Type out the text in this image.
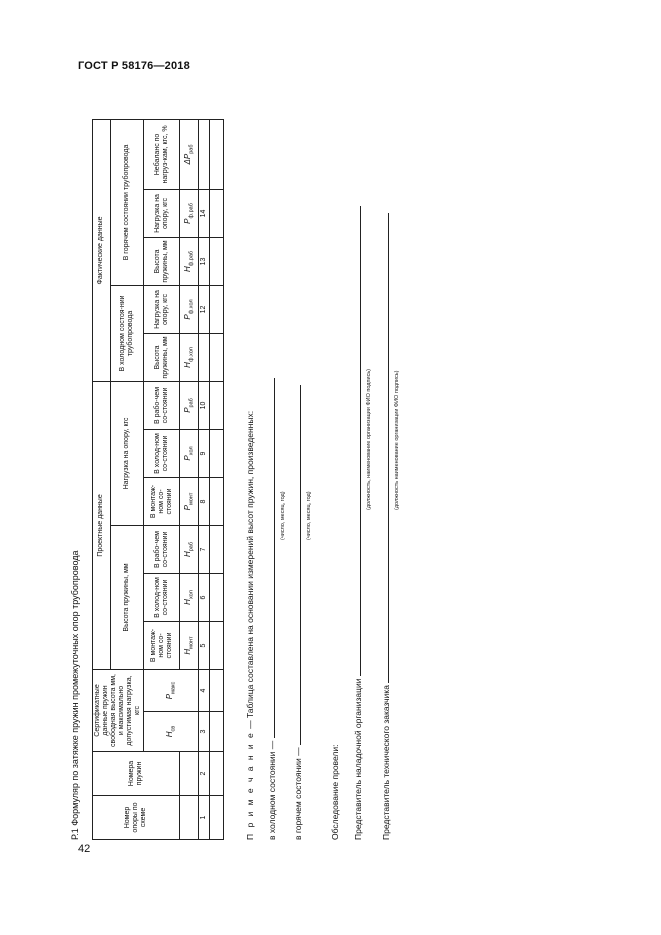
ГОСТ Р 58176—2018
42
Р.1 Формуляр по затяжке пружин промежуточных опор трубопровода	Номер опоры по схеме	Номера пружин	Сертификатные данные пружин свободная высота мм, и максимально допустимая нагрузка, кгс		Проектные данные						Фактические данные				
				Высота пружины, мм			Нагрузка на опору, кгс			В холодном состоя-нии трубопровода		В горячем состоянии трубопровода		
		$H_{св}$	$P_{макс}$	В монтаж-ном со-стоянии	В холод-ном со-стоянии	В рабо-чем со-стоянии	В монтаж-ном со-стоянии	В холод-ном со-стоянии	В рабо-чем со-стоянии	Высота пружины, мм	Нагрузка на опору, кгс	Высота пружины, мм	Нагрузка на опору, кгс	Небаланс по нагруз-кам, кгс, %
				$H_{монт}$	$H_{хол}$	$H_{раб}$	$P_{монт}$	$P_{хол}$	$P_{раб}$	$H_{ф.хол}$	$P_{ф.хол}$	$H_{ф.раб}$	$P_{ф.раб}$	$\Delta P_{раб}$
1	2	3	4	5	6	7	8	9	10		12	13	14	

П р и м е ч а н и е — Таблица составлена на основании измерений высот пружин, произведенных:
в холодном состоянии —
(число, месяц, год)
в горячем состоянии —
(число, месяц, год)
Обследование провели: Представитель наладочной организации
(должность, наименование организации ФИО подпись)
Представитель технического заказчика
(должность наименование организации ФИО подпись)
